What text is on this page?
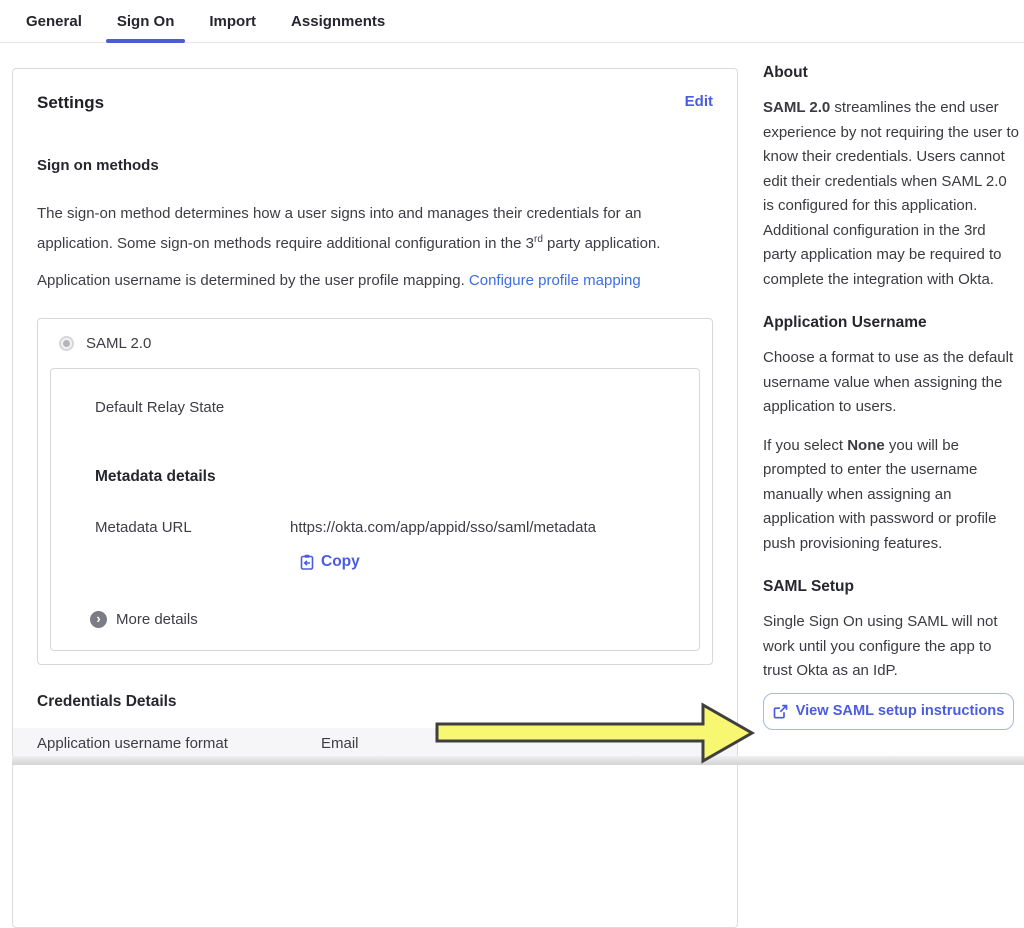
General	Sign On	Import	Assignments
Settings	Edit
Sign on methods

The sign-on method determines how a user signs into and manages their credentials for an application. Some sign-on methods require additional configuration in the 3rd party application.

Application username is determined by the user profile mapping. Configure profile mapping

SAML 2.0
Default Relay State
Metadata details
Metadata URL	https://okta.com/app/appid/sso/saml/metadata
Copy
›	More details
Credentials Details
Application username format	Email
About

SAML 2.0 streamlines the end user experience by not requiring the user to know their credentials. Users cannot edit their credentials when SAML 2.0 is configured for this application. Additional configuration in the 3rd party application may be required to complete the integration with Okta.

Application Username

Choose a format to use as the default username value when assigning the application to users.

If you select None you will be prompted to enter the username manually when assigning an application with password or profile push provisioning features.

SAML Setup

Single Sign On using SAML will not work until you configure the app to trust Okta as an IdP.

View SAML setup instructions
